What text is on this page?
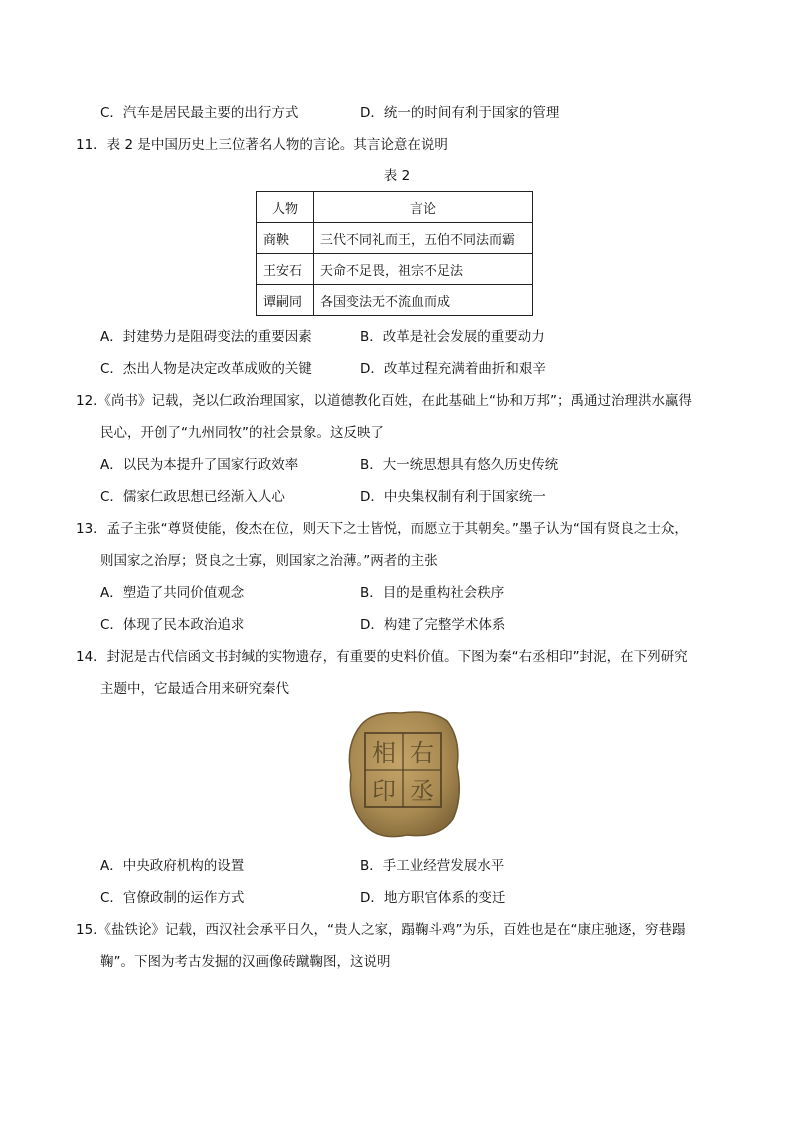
C．汽车是居民最主要的出行方式	D．统一的时间有利于国家的管理
11．表 2 是中国历史上三位著名人物的言论。其言论意在说明
表 2
人物	言论
商鞅	三代不同礼而王，五伯不同法而霸
王安石	天命不足畏，祖宗不足法
谭嗣同	各国变法无不流血而成
A．封建势力是阻碍变法的重要因素	B．改革是社会发展的重要动力
C．杰出人物是决定改革成败的关键	D．改革过程充满着曲折和艰辛
12.《尚书》记载，尧以仁政治理国家，以道德教化百姓，在此基础上“协和万邦”；禹通过治理洪水赢得
民心，开创了“九州同牧”的社会景象。这反映了
A．以民为本提升了国家行政效率	B．大一统思想具有悠久历史传统
C．儒家仁政思想已经渐入人心	D．中央集权制有利于国家统一
13．孟子主张“尊贤使能，俊杰在位，则天下之士皆悦，而愿立于其朝矣。”墨子认为“国有贤良之士众，
则国家之治厚；贤良之士寡，则国家之治薄。”两者的主张
A．塑造了共同价值观念	B．目的是重构社会秩序
C．体现了民本政治追求	D．构建了完整学术体系
14．封泥是古代信函文书封缄的实物遗存，有重要的史料价值。下图为秦“右丞相印”封泥，在下列研究
主题中，它最适合用来研究秦代
右
丞
相
印
A．中央政府机构的设置	B．手工业经营发展水平
C．官僚政制的运作方式	D．地方职官体系的变迁
15.《盐铁论》记载，西汉社会承平日久，“贵人之家，蹋鞠斗鸡”为乐，百姓也是在“康庄驰逐，穷巷蹋
鞠”。下图为考古发掘的汉画像砖蹴鞠图，这说明
